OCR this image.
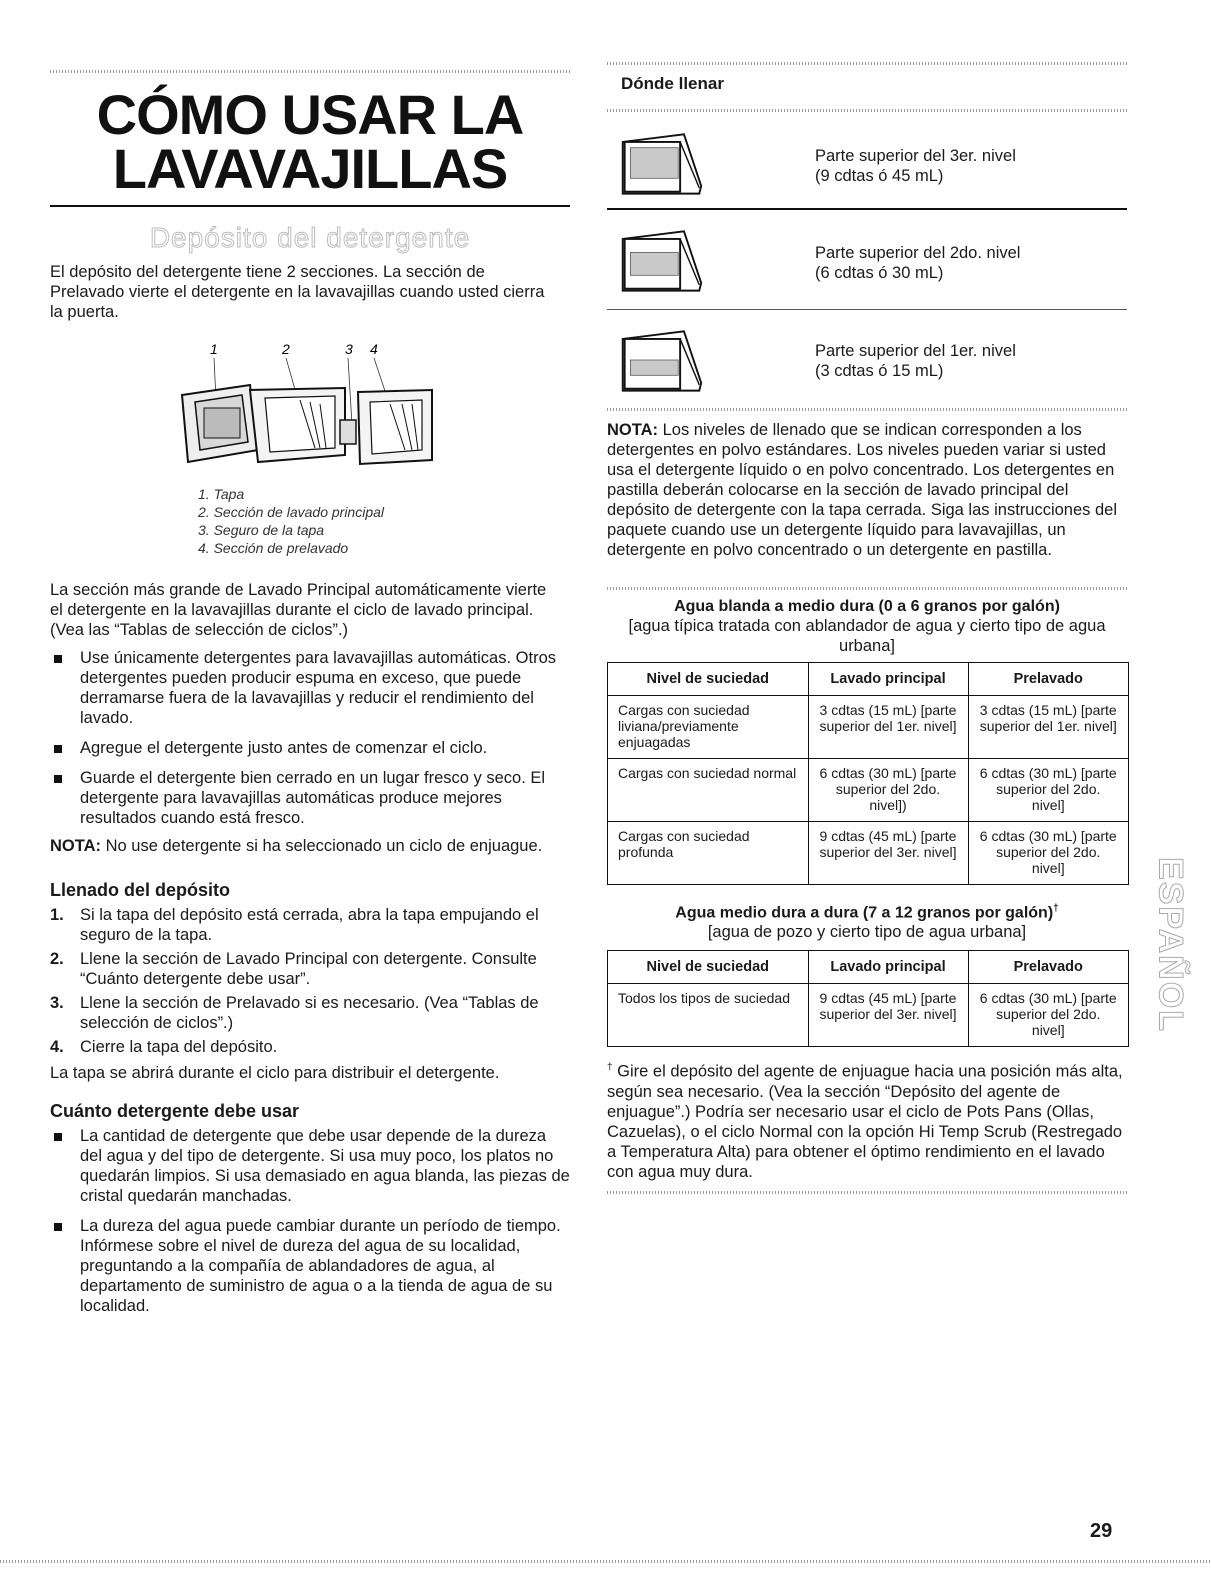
CÓMO USAR LA
LAVAVAJILLAS
Depósito del detergente

El depósito del detergente tiene 2 secciones. La sección de Prelavado vierte el detergente en la lavavajillas cuando usted cierra la puerta.

1	2	3 4
1. Tapa
2. Sección de lavado principal
3. Seguro de la tapa
4. Sección de prelavado

La sección más grande de Lavado Principal automáticamente vierte el detergente en la lavavajillas durante el ciclo de lavado principal. (Vea las “Tablas de selección de ciclos”.)

Use únicamente detergentes para lavavajillas automáticas. Otros detergentes pueden producir espuma en exceso, que puede derramarse fuera de la lavavajillas y reducir el rendimiento del lavado.
Agregue el detergente justo antes de comenzar el ciclo.
Guarde el detergente bien cerrado en un lugar fresco y seco. El detergente para lavavajillas automáticas produce mejores resultados cuando está fresco.

NOTA: No use detergente si ha seleccionado un ciclo de enjuague.

Llenado del depósito
1. Si la tapa del depósito está cerrada, abra la tapa empujando el seguro de la tapa.
2. Llene la sección de Lavado Principal con detergente. Consulte “Cuánto detergente debe usar”.
3. Llene la sección de Prelavado si es necesario. (Vea “Tablas de selección de ciclos”.)
4. Cierre la tapa del depósito.

La tapa se abrirá durante el ciclo para distribuir el detergente.

Cuánto detergente debe usar
La cantidad de detergente que debe usar depende de la dureza del agua y del tipo de detergente. Si usa muy poco, los platos no quedarán limpios. Si usa demasiado en agua blanda, las piezas de cristal quedarán manchadas.
La dureza del agua puede cambiar durante un período de tiempo. Infórmese sobre el nivel de dureza del agua de su localidad, preguntando a la compañía de ablandadores de agua, al departamento de suministro de agua o a la tienda de agua de su localidad.
Dónde llenar
Parte superior del 3er. nivel
(9 cdtas ó 45 mL)
Parte superior del 2do. nivel
(6 cdtas ó 30 mL)
Parte superior del 1er. nivel
(3 cdtas ó 15 mL)

NOTA: Los niveles de llenado que se indican corresponden a los detergentes en polvo estándares. Los niveles pueden variar si usted usa el detergente líquido o en polvo concentrado. Los detergentes en pastilla deberán colocarse en la sección de lavado principal del depósito de detergente con la tapa cerrada. Siga las instrucciones del paquete cuando use un detergente líquido para lavavajillas, un detergente en polvo concentrado o un detergente en pastilla.

Agua blanda a medio dura (0 a 6 granos por galón)
[agua típica tratada con ablandador de agua y cierto tipo de agua urbana]
Nivel de suciedad	Lavado principal	Prelavado
Cargas con suciedad liviana/previamente enjuagadas	3 cdtas (15 mL) [parte superior del 1er. nivel]	3 cdtas (15 mL) [parte superior del 1er. nivel]
Cargas con suciedad normal	6 cdtas (30 mL) [parte superior del 2do. nivel])	6 cdtas (30 mL) [parte superior del 2do. nivel]
Cargas con suciedad profunda	9 cdtas (45 mL) [parte superior del 3er. nivel]	6 cdtas (30 mL) [parte superior del 2do. nivel]
Agua medio dura a dura (7 a 12 granos por galón)†
[agua de pozo y cierto tipo de agua urbana]
Nivel de suciedad	Lavado principal	Prelavado
Todos los tipos de suciedad	9 cdtas (45 mL) [parte superior del 3er. nivel]	6 cdtas (30 mL) [parte superior del 2do. nivel]
† Gire el depósito del agente de enjuague hacia una posición más alta, según sea necesario. (Vea la sección “Depósito del agente de enjuague”.) Podría ser necesario usar el ciclo de Pots Pans (Ollas, Cazuelas), o el ciclo Normal con la opción Hi Temp Scrub (Restregado a Temperatura Alta) para obtener el óptimo rendimiento en el lavado con agua muy dura.
ESPAÑOL
29
